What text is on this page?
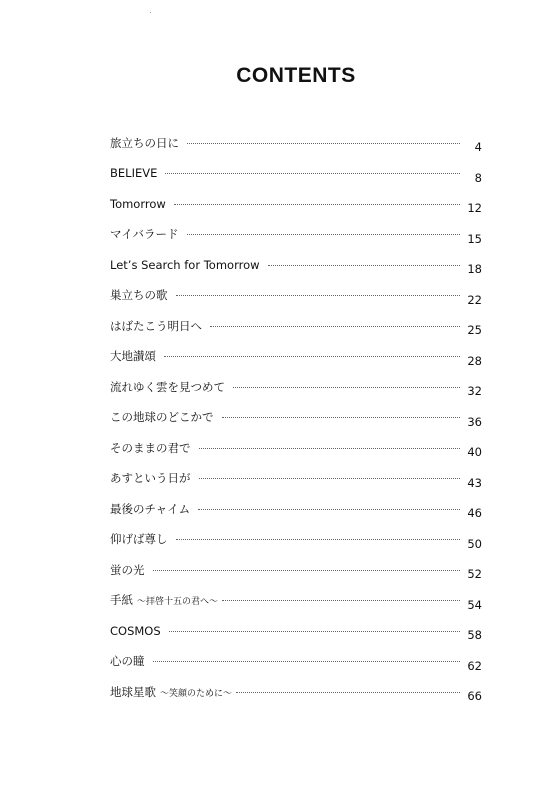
CONTENTS
旅立ちの日に	4
BELIEVE	8
Tomorrow	12
マイバラード	15
Let’s Search for Tomorrow	18
巣立ちの歌	22
はばたこう明日へ	25
大地讃頌	28
流れゆく雲を見つめて	32
この地球のどこかで	36
そのままの君で	40
あすという日が	43
最後のチャイム	46
仰げば尊し	50
蛍の光	52
手紙 〜拝啓十五の君へ〜	54
COSMOS	58
心の瞳	62
地球星歌 〜笑顔のために〜	66
